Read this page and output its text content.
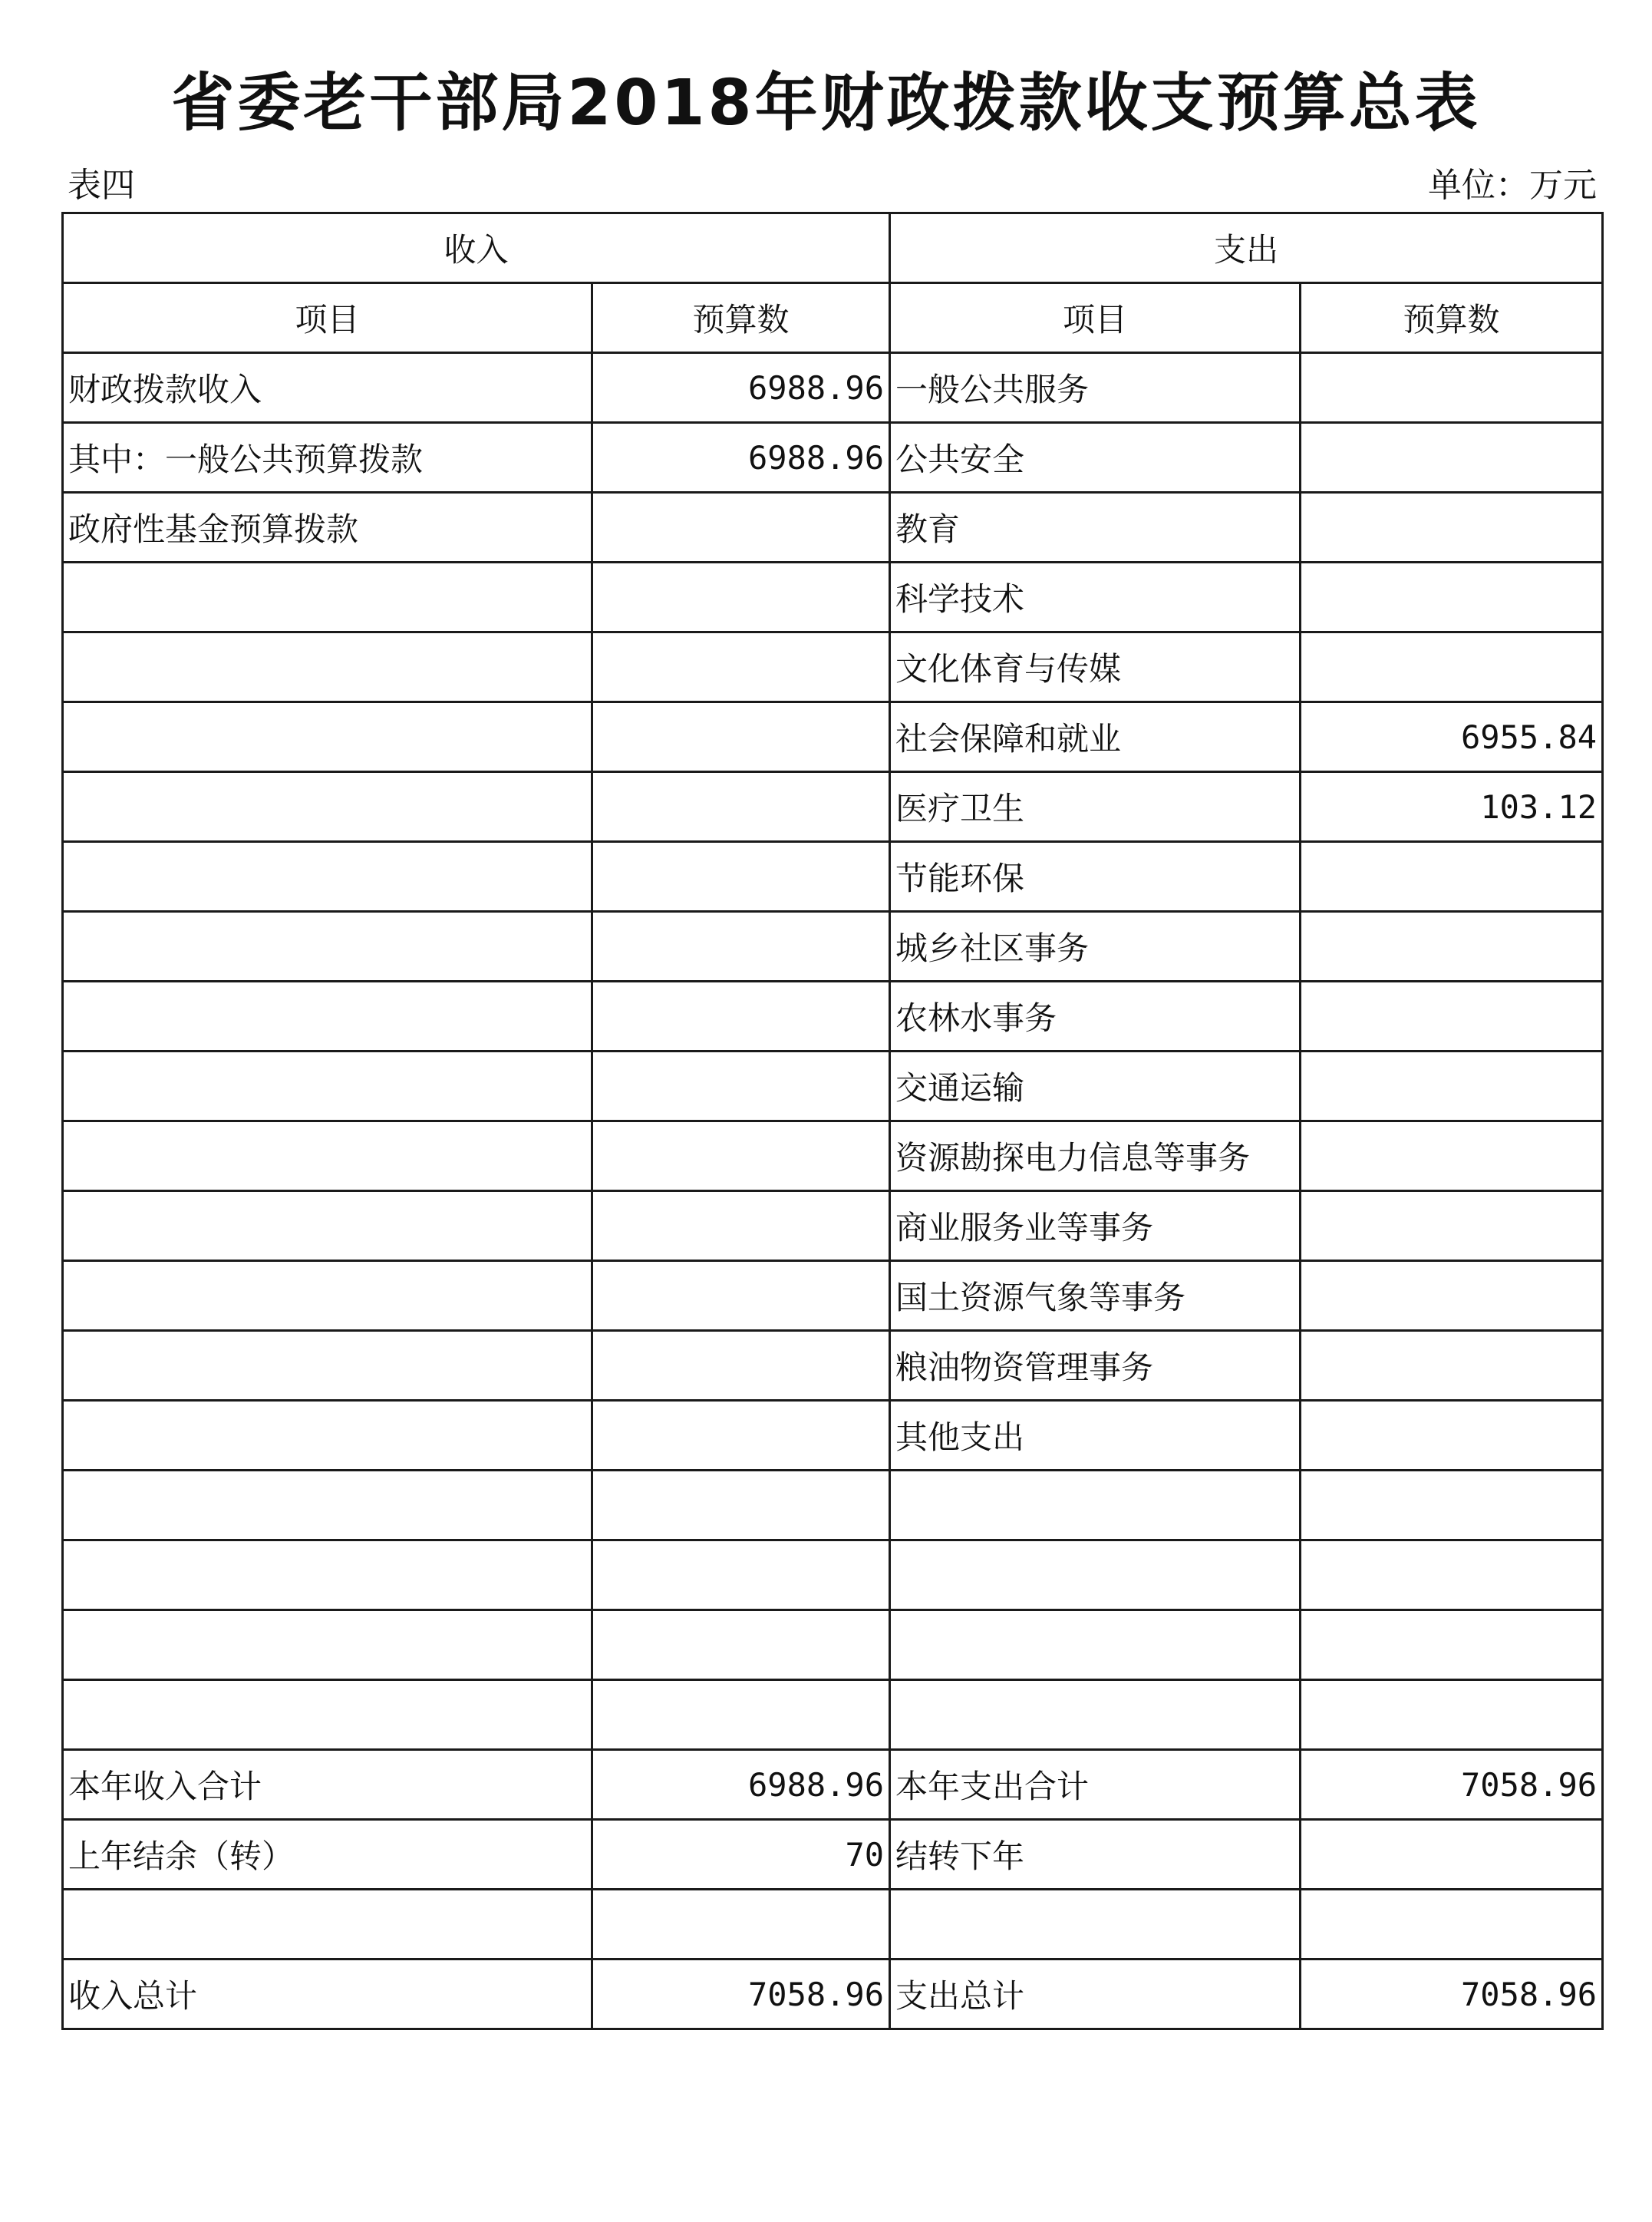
省委老干部局2018年财政拨款收支预算总表
表四	单位：万元
收入		支出	
项目	预算数	项目	预算数
财政拨款收入	6988.96	一般公共服务	
其中：一般公共预算拨款	6988.96	公共安全	
政府性基金预算拨款		教育	
		科学技术	
		文化体育与传媒	
		社会保障和就业	6955.84
		医疗卫生	103.12
		节能环保	
		城乡社区事务	
		农林水事务	
		交通运输	
		资源勘探电力信息等事务	
		商业服务业等事务	
		国土资源气象等事务	
		粮油物资管理事务	
		其他支出	

本年收入合计	6988.96	本年支出合计	7058.96
上年结余（转）	70	结转下年	

收入总计	7058.96	支出总计	7058.96
